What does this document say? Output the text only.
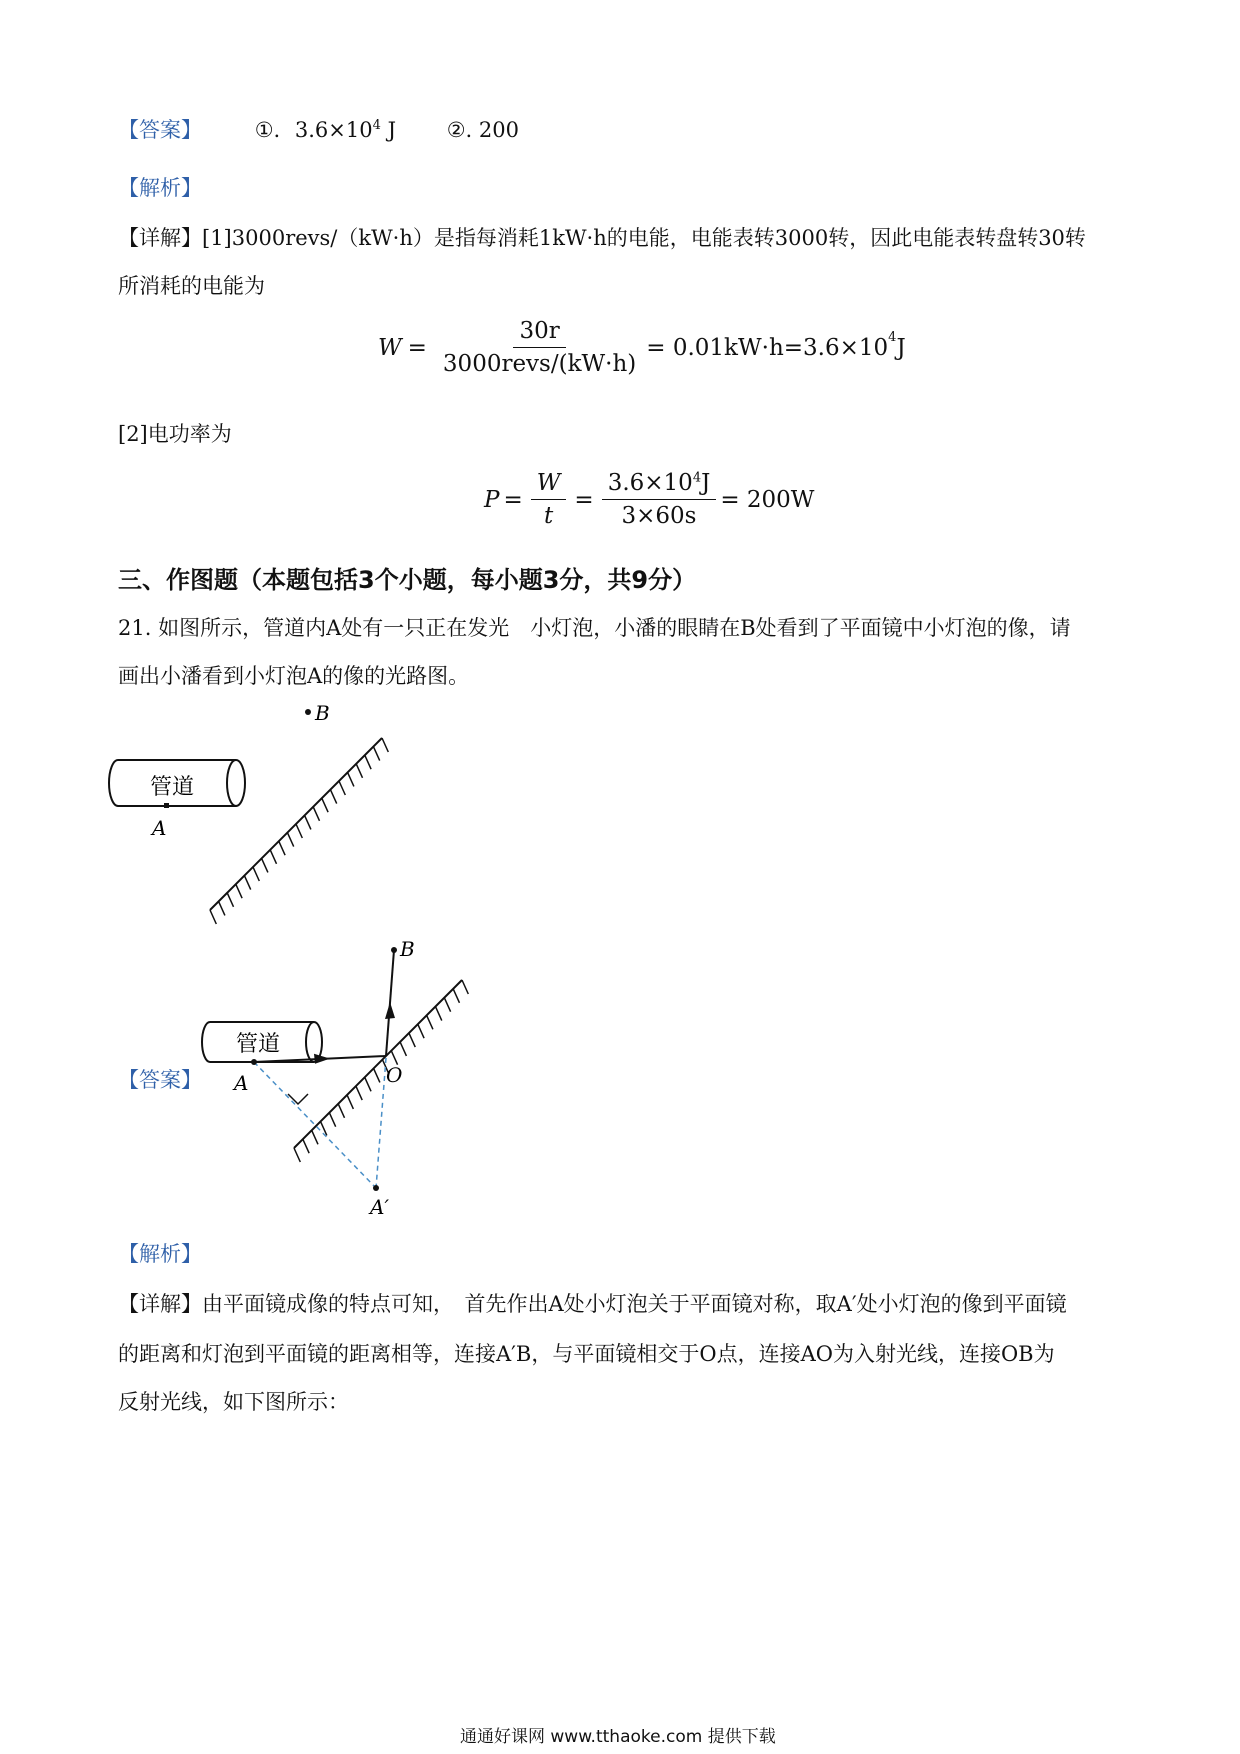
【答案】	①. $3.6\times 10^4$ J ②. 200
【解析】
【详解】[1]3000revs/（kW·h）是指每消耗1kW·h的电能，电能表转3000转，因此电能表转盘转30转
所消耗的电能为
$W = \frac{30r}{\text{3000revs/(kW·h)}} = 0.01kW\cdot h=3.6\times 10^4$ J
[2]电功率为
$P = \frac{W}{t} = \frac{3.6\times 10^4J}{3\times 60s} = 200W$
三、作图题（本题包括3个小题，每小题3分，共9分）
21. 如图所示，管道内A处有一只正在发光　小灯泡，小潘的眼睛在B处看到了平面镜中小灯泡的像，请
画出小潘看到小灯泡A的像的光路图。
B
管道
A
【答案】
管道
B
A	O
A′
【解析】
【详解】由平面镜成像的特点可知，　首先作出A处小灯泡关于平面镜对称，取A′处小灯泡的像到平面镜
的距离和灯泡到平面镜的距离相等，连接A′B，与平面镜相交于O点，连接AO为入射光线，连接OB为
反射光线，如下图所示：
通通好课网 www.tthaoke.com 提供下载
